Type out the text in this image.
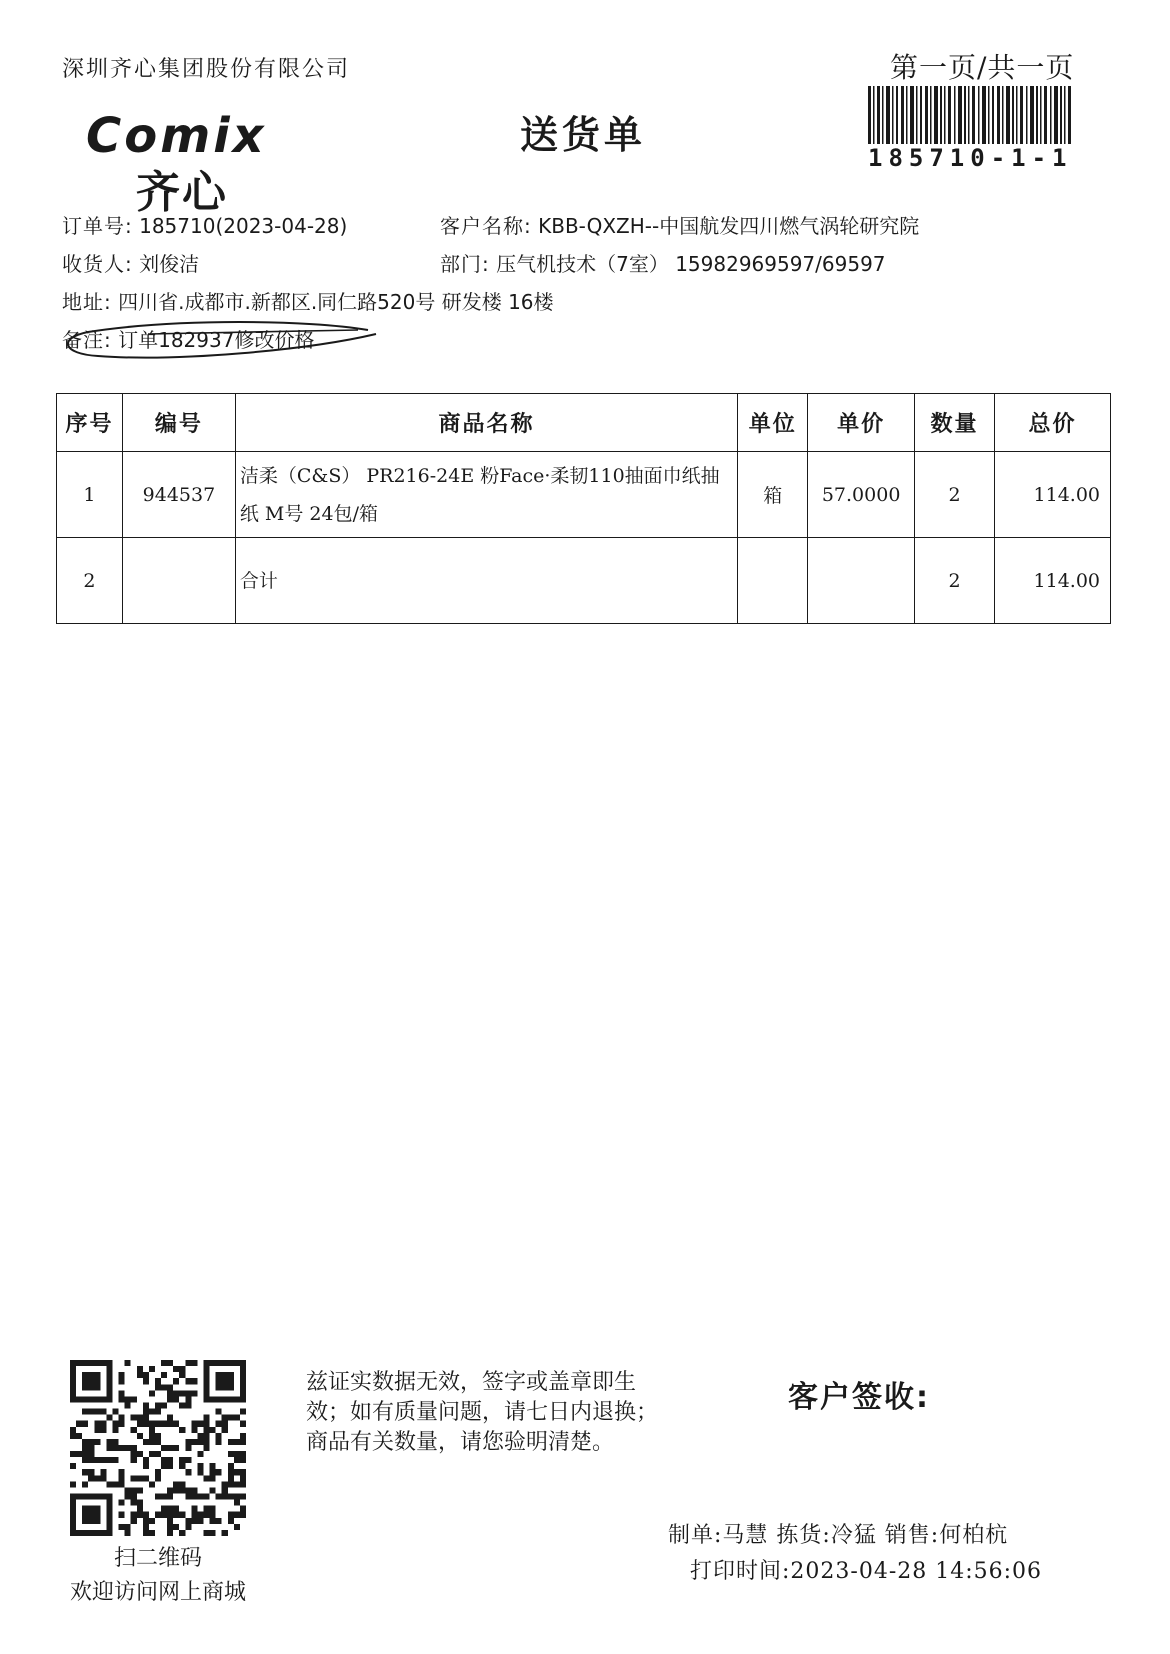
深圳齐心集团股份有限公司	第一页/共一页
Comix
齐心
送货单
185710-1-1
订单号: 185710(2023-04-28)	客户名称: KBB-QXZH--中国航发四川燃气涡轮研究院
收货人: 刘俊洁	部门: 压气机技术（7室） 15982969597/69597
地址: 四川省.成都市.新都区.同仁路520号 研发楼 16楼
备注: 订单182937修改价格
序号	编号	商品名称	单位	单价	数量	总价
1	944537	洁柔（C&S） PR216-24E 粉Face·柔韧110抽面巾纸抽纸 M号 24包/箱	箱	57.0000	2	114.00
2		合计			2	114.00
扫二维码
欢迎访问网上商城
兹证实数据无效，签字或盖章即生
效；如有质量问题，请七日内退换；
商品有关数量，请您验明清楚。
客户签收:
制单:马慧 拣货:冷猛 销售:何柏杭
打印时间:2023-04-28 14:56:06
